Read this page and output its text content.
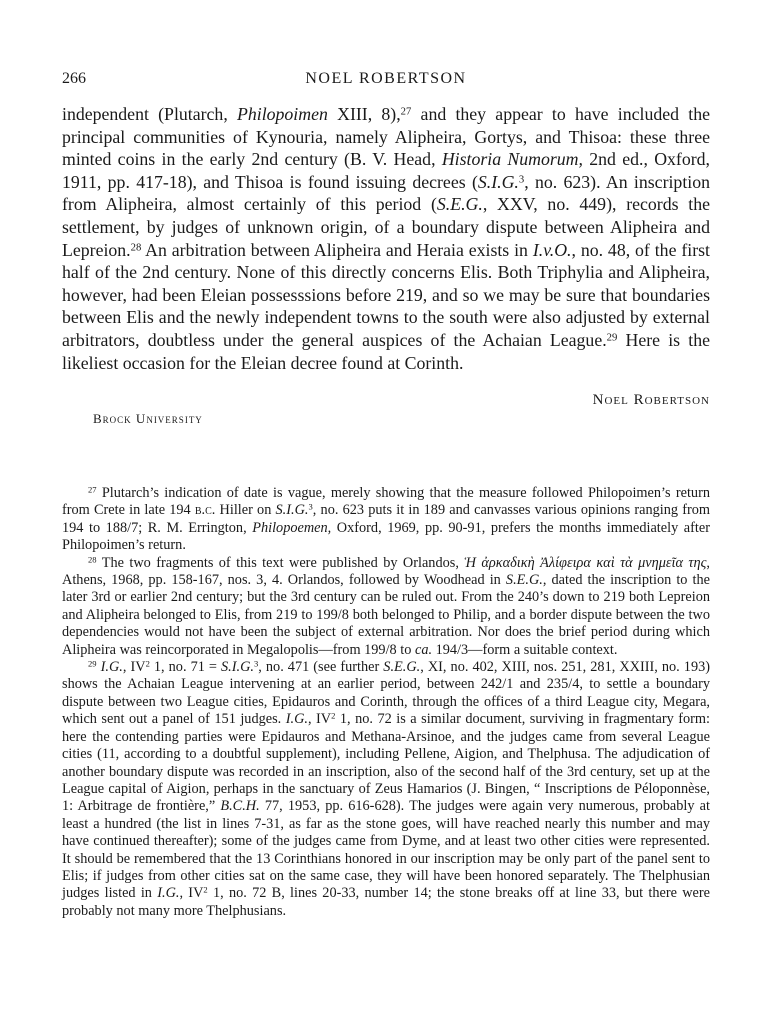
266	NOEL ROBERTSON

independent (Plutarch, Philopoimen XIII, 8),$^{27}$ and they appear to have included the principal communities of Kynouria, namely Alipheira, Gortys, and Thisoa: these three minted coins in the early 2nd century (B. V. Head, Historia Numorum, 2nd ed., Oxford, 1911, pp. 417-18), and Thisoa is found issuing decrees (S.I.G.$^3$, no. 623). An inscription from Alipheira, almost certainly of this period (S.E.G., XXV, no. 449), records the settlement, by judges of unknown origin, of a boundary dispute between Alipheira and Lepreion.$^{28}$ An arbitration between Alipheira and Heraia exists in I.v.O., no. 48, of the first half of the 2nd century. None of this directly concerns Elis. Both Triphylia and Alipheira, however, had been Eleian possesssions before 219, and so we may be sure that boundaries between Elis and the newly independent towns to the south were also adjusted by external arbitrators, doubtless under the general auspices of the Achaian League.$^{29}$ Here is the likeliest occasion for the Eleian decree found at Corinth.

Noel Robertson
Brock University

$^{27}$ Plutarch’s indication of date is vague, merely showing that the measure followed Philopoimen’s return from Crete in late 194 b.c. Hiller on S.I.G.$^3$, no. 623 puts it in 189 and canvasses various opinions ranging from 194 to 188/7; R. M. Errington, Philopoemen, Oxford, 1969, pp. 90-91, prefers the months immediately after Philopoimen’s return.

$^{28}$ The two fragments of this text were published by Orlandos, Ἡ ἀρκαδικὴ Ἀλίφειρα καὶ τὰ μνημεῖα της, Athens, 1968, pp. 158-167, nos. 3, 4. Orlandos, followed by Woodhead in S.E.G., dated the inscription to the later 3rd or earlier 2nd century; but the 3rd century can be ruled out. From the 240’s down to 219 both Lepreion and Alipheira belonged to Elis, from 219 to 199/8 both belonged to Philip, and a border dispute between the two dependencies would not have been the subject of external arbitration. Nor does the brief period during which Alipheira was reincorporated in Megalopolis—from 199/8 to ca. 194/3—form a suitable context.

$^{29}$ I.G., $IV^2$ 1, no. 71 = S.I.G.$^3$, no. 471 (see further S.E.G., XI, no. 402, XIII, nos. 251, 281, XXIII, no. 193) shows the Achaian League intervening at an earlier period, between 242/1 and 235/4, to settle a boundary dispute between two League cities, Epidauros and Corinth, through the offices of a third League city, Megara, which sent out a panel of 151 judges. I.G., $IV^2$ 1, no. 72 is a similar document, surviving in fragmentary form: here the contending parties were Epidauros and Methana-Arsinoe, and the judges came from several League cities (11, according to a doubtful supplement), including Pellene, Aigion, and Thelphusa. The adjudication of another boundary dispute was recorded in an inscription, also of the second half of the 3rd century, set up at the League capital of Aigion, perhaps in the sanctuary of Zeus Hamarios (J. Bingen, “ Inscriptions de Péloponnèse, 1: Arbitrage de frontière,” B.C.H. 77, 1953, pp. 616-628). The judges were again very numerous, probably at least a hundred (the list in lines 7-31, as far as the stone goes, will have reached nearly this number and may have continued thereafter); some of the judges came from Dyme, and at least two other cities were represented. It should be remembered that the 13 Corinthians honored in our inscription may be only part of the panel sent to Elis; if judges from other cities sat on the same case, they will have been honored separately. The Thelphusian judges listed in I.G., $IV^2$ 1, no. 72 B, lines 20-33, number 14; the stone breaks off at line 33, but there were probably not many more Thelphusians.
